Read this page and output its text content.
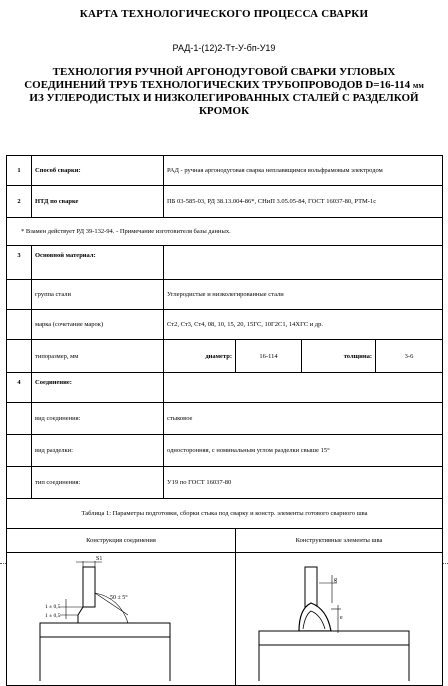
КАРТА ТЕХНОЛОГИЧЕСКОГО ПРОЦЕССА СВАРКИ
РАД-1-(12)2-Тт-У-бп-У19
ТЕХНОЛОГИЯ РУЧНОЙ АРГОНОДУГОВОЙ СВАРКИ УГЛОВЫХ СОЕДИНЕНИЙ ТРУБ ТЕХНОЛОГИЧЕСКИХ ТРУБОПРОВОДОВ D=16-114 мм ИЗ УГЛЕРОДИСТЫХ И НИЗКОЛЕГИРОВАННЫХ СТАЛЕЙ С РАЗДЕЛКОЙ КРОМОК
1	Способ сварки:	РАД - ручная аргонодуговая сварка неплавящимся вольфрамовым электродом			
2	НТД по сварке	ПБ 03-585-03, РД 38.13.004-86*, СНиП 3.05.05-84, ГОСТ 16037-80, РТМ-1с			
* Взамен действует РД 39-132-94. - Примечание изготовителя базы данных.					
3	Основной материал:				
	группа стали	Углеродистые и низколегированные стали			
	марка (сочетание марок)	Ст2, Ст3, Ст4, 08, 10, 15, 20, 15ГС, 10Г2С1, 14ХГС и др.			
	типоразмер, мм	диаметр:	16-114	толщина:	3-6
4	Соединение:				
	вид соединения:	стыковое			
	вид разделки:	односторонняя, с номинальным углом разделки свыше 15°			
	тип соединения:	У19 по ГОСТ 16037-80			
Таблица 1: Параметры подготовки, сборки стыка под сварку и констр. элементы готового сварного шва					
Конструкция соединения			Конструктивные элементы шва		

S1
50 ± 5°
1 ± 0,5
1 ± 0,5			g
e		
